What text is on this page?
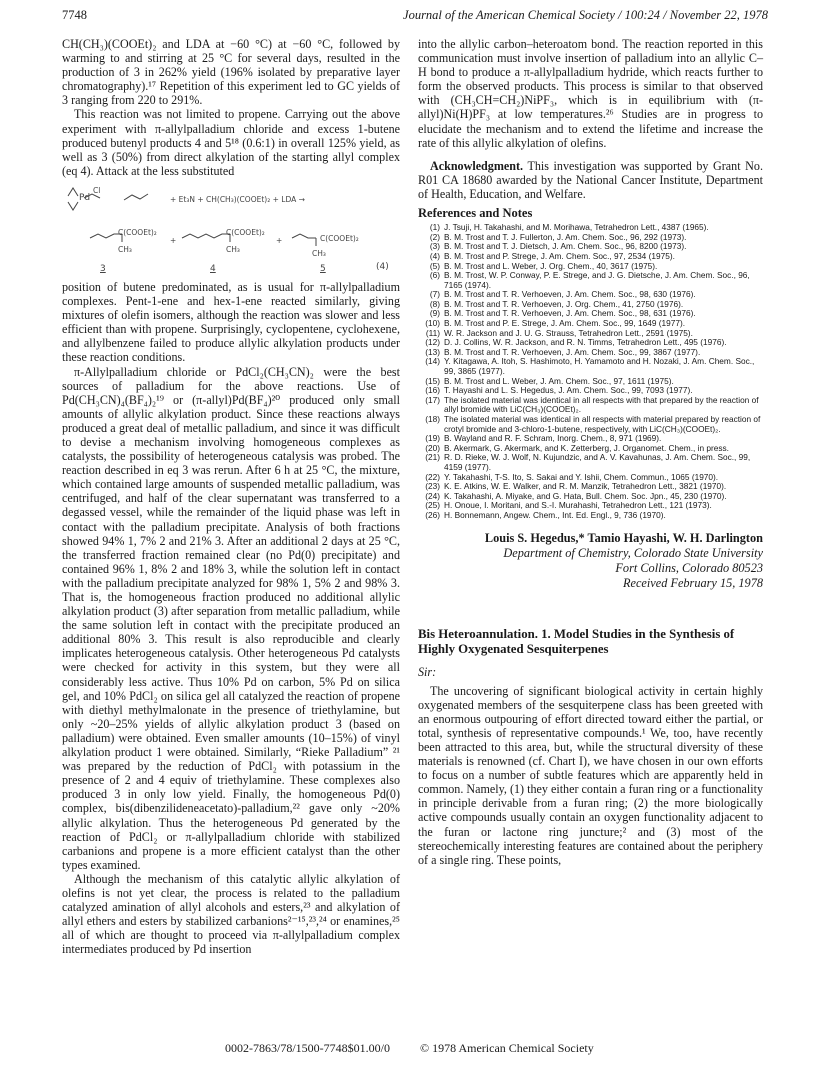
7748	Journal of the American Chemical Society / 100:24 / November 22, 1978

CH(CH₃)(COOEt)₂ and LDA at −60 °C) at −60 °C, followed by warming to and stirring at 25 °C for several days, resulted in the production of 3 in 262% yield (196% isolated by preparative layer chromatography).¹⁷ Repetition of this experiment led to GC yields of 3 ranging from 220 to 291%.

This reaction was not limited to propene. Carrying out the above experiment with π-allylpalladium chloride and excess 1-butene produced butenyl products 4 and 5¹⁸ (0.6:1) in overall 125% yield, as well as 3 (50%) from direct alkylation of the starting allyl complex (eq 4). Attack at the less substituted

Pd
Cl
+ Et₃N + CH(CH₃)(COOEt)₂ + LDA →
C(COOEt)₂
CH₃
+
C(COOEt)₂
CH₃
+	C(COOEt)₂
CH₃
3	4	5	(4)

position of butene predominated, as is usual for π-allylpalladium complexes. Pent-1-ene and hex-1-ene reacted similarly, giving mixtures of olefin isomers, although the reaction was slower and less efficient than with propene. Surprisingly, cyclopentene, cyclohexene, and allylbenzene failed to produce allylic alkylation products under these reaction conditions.

π-Allylpalladium chloride or PdCl₂(CH₃CN)₂ were the best sources of palladium for the above reactions. Use of Pd(CH₃CN)₄(BF₄)₂¹⁹ or (π-allyl)Pd(BF₄)²⁰ produced only small amounts of allylic alkylation product. Since these reactions always produced a great deal of metallic palladium, and since it was difficult to devise a mechanism involving homogeneous complexes as catalysts, the possibility of heterogeneous catalysis was probed. The reaction described in eq 3 was rerun. After 6 h at 25 °C, the mixture, which contained large amounts of suspended metallic palladium, was centrifuged, and half of the clear supernatant was transferred to a degassed vessel, while the remainder of the liquid phase was left in contact with the palladium precipitate. Analysis of both fractions showed 94% 1, 7% 2 and 21% 3. After an additional 2 days at 25 °C, the transferred fraction remained clear (no Pd(0) precipitate) and contained 96% 1, 8% 2 and 18% 3, while the solution left in contact with the palladium precipitate analyzed for 98% 1, 5% 2 and 98% 3. That is, the homogeneous fraction produced no additional allylic alkylation product (3) after separation from metallic palladium, while the same solution left in contact with the precipitate produced an additional 80% 3. This result is also reproducible and clearly implicates heterogeneous catalysis. Other heterogeneous Pd catalysts were checked for activity in this system, but they were all considerably less active. Thus 10% Pd on carbon, 5% Pd on silica gel, and 10% PdCl₂ on silica gel all catalyzed the reaction of propene with diethyl methylmalonate in the presence of triethylamine, but only ~20–25% yields of allylic alkylation product 3 (based on palladium) were obtained. Even smaller amounts (10–15%) of vinyl alkylation product 1 were obtained. Similarly, “Rieke Palladium” ²¹ was prepared by the reduction of PdCl₂ with potassium in the presence of 2 and 4 equiv of triethylamine. These complexes also produced 3 in only low yield. Finally, the homogeneous Pd(0) complex, bis(dibenzilideneacetato)-palladium,²² gave only ~20% allylic alkylation. Thus the heterogeneous Pd generated by the reaction of PdCl₂ or π-allylpalladium chloride with stabilized carbanions and propene is a more efficient catalyst than the other types examined.

Although the mechanism of this catalytic allylic alkylation of olefins is not yet clear, the process is related to the palladium catalyzed amination of allyl alcohols and esters,²³ and alkylation of allyl ethers and esters by stabilized carbanions²⁻¹⁵,²³,²⁴ or enamines,²⁵ all of which are thought to proceed via π-allylpalladium complex intermediates produced by Pd insertion

into the allylic carbon–heteroatom bond. The reaction reported in this communication must involve insertion of palladium into an allylic C–H bond to produce a π-allylpalladium hydride, which reacts further to form the observed products. This process is similar to that observed with (CH₃CH=CH₂)NiPF₃, which is in equilibrium with (π-allyl)Ni(H)PF₃ at low temperatures.²⁶ Studies are in progress to elucidate the mechanism and to extend the lifetime and increase the rate of this allylic alkylation of olefins.

Acknowledgment. This investigation was supported by Grant No. R01 CA 18680 awarded by the National Cancer Institute, Department of Health, Education, and Welfare.

References and Notes
(1) J. Tsuji, H. Takahashi, and M. Morihawa, Tetrahedron Lett., 4387 (1965).
(2) B. M. Trost and T. J. Fullerton, J. Am. Chem. Soc., 96, 292 (1973).
(3) B. M. Trost and T. J. Dietsch, J. Am. Chem. Soc., 96, 8200 (1973).
(4) B. M. Trost and P. Strege, J. Am. Chem. Soc., 97, 2534 (1975).
(5) B. M. Trost and L. Weber, J. Org. Chem., 40, 3617 (1975).
(6) B. M. Trost, W. P. Conway, P. E. Strege, and J. G. Dietsche, J. Am. Chem. Soc., 96, 7165 (1974).
(7) B. M. Trost and T. R. Verhoeven, J. Am. Chem. Soc., 98, 630 (1976).
(8) B. M. Trost and T. R. Verhoeven, J. Org. Chem., 41, 2750 (1976).
(9) B. M. Trost and T. R. Verhoeven, J. Am. Chem. Soc., 98, 631 (1976).
(10) B. M. Trost and P. E. Strege, J. Am. Chem. Soc., 99, 1649 (1977).
(11) W. R. Jackson and J. U. G. Strauss, Tetrahedron Lett., 2591 (1975).
(12) D. J. Collins, W. R. Jackson, and R. N. Timms, Tetrahedron Lett., 495 (1976).
(13) B. M. Trost and T. R. Verhoeven, J. Am. Chem. Soc., 99, 3867 (1977).
(14) Y. Kitagawa, A. Itoh, S. Hashimoto, H. Yamamoto and H. Nozaki, J. Am. Chem. Soc., 99, 3865 (1977).
(15) B. M. Trost and L. Weber, J. Am. Chem. Soc., 97, 1611 (1975).
(16) T. Hayashi and L. S. Hegedus, J. Am. Chem. Soc., 99, 7093 (1977).
(17) The isolated material was identical in all respects with that prepared by the reaction of allyl bromide with LiC(CH₃)(COOEt)₂.
(18) The isolated material was identical in all respects with material prepared by reaction of crotyl bromide and 3-chloro-1-butene, respectively, with LiC(CH₃)(COOEt)₂.
(19) B. Wayland and R. F. Schram, Inorg. Chem., 8, 971 (1969).
(20) B. Akermark, G. Akermark, and K. Zetterberg, J. Organomet. Chem., in press.
(21) R. D. Rieke, W. J. Wolf, N. Kujundzic, and A. V. Kavahunas, J. Am. Chem. Soc., 99, 4159 (1977).
(22) Y. Takahashi, T-S. Ito, S. Sakai and Y. Ishii, Chem. Commun., 1065 (1970).
(23) K. E. Atkins, W. E. Walker, and R. M. Manzik, Tetrahedron Lett., 3821 (1970).
(24) K. Takahashi, A. Miyake, and G. Hata, Bull. Chem. Soc. Jpn., 45, 230 (1970).
(25) H. Onoue, I. Moritani, and S.-I. Murahashi, Tetrahedron Lett., 121 (1973).
(26) H. Bonnemann, Angew. Chem., Int. Ed. Engl., 9, 736 (1970).
Louis S. Hegedus,* Tamio Hayashi, W. H. Darlington
Department of Chemistry, Colorado State University
Fort Collins, Colorado 80523
Received February 15, 1978
Bis Heteroannulation. 1. Model Studies in the Synthesis of Highly Oxygenated Sesquiterpenes
Sir:

The uncovering of significant biological activity in certain highly oxygenated members of the sesquiterpene class has been greeted with an enormous outpouring of effort directed toward either the partial, or total, synthesis of representative compounds.¹ We, too, have recently been attracted to this area, but, while the structural diversity of these materials is renowned (cf. Chart I), we have chosen in our own efforts to focus on a number of subtle features which are apparently held in common. Namely, (1) they either contain a furan ring or a functionality in principle derivable from a furan ring; (2) the more biologically active compounds usually contain an oxygen functionality adjacent to the furan or lactone ring juncture;² and (3) most of the stereochemically interesting features are contained about the periphery of a single ring. These points,

0002-7863/78/1500-7748$01.00/0	© 1978 American Chemical Society
